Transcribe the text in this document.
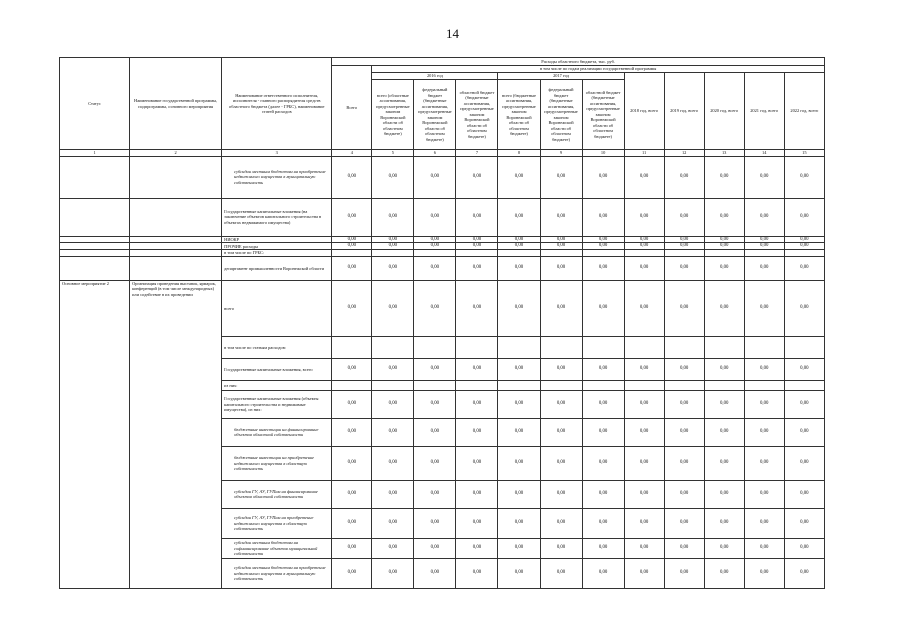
14
Статус	Наименование государственной программы, подпрограммы, основного мероприятия	Наименование ответственного исполнителя, исполнителя - главного распорядителя средств областного бюджета (далее - ГРБС), наименование статей расходов	Расходы областного бюджета, тыс. руб.											
			Всего	в том числе по годам реализации государственной программы										
				2016 год			2017 год			2018 год, всего	2019 год, всего	2020 год, всего	2021 год, всего	2022 год, всего
				всего (областные ассигнования, предусмотренные законом Воронежской области об областном бюджете)	федеральный бюджет (бюджетные ассигнования, предусмотренные законом Воронежской области об областном бюджете)	областной бюджет (бюджетные ассигнования, предусмотренные законом Воронежской области об областном бюджете)	всего (бюджетные ассигнования, предусмотренные законом Воронежской области об областном бюджете)	федеральный бюджет (бюджетные ассигнования, предусмотренные законом Воронежской области об областном бюджете)	областной бюджет (бюджетные ассигнования, предусмотренные законом Воронежской области об областном бюджете)					
1	2	3	4	5	6	7	8	9	10	11	12	13	14	15
		субсидии местным бюджетам на приобретение недвижимого имущества в муниципальную собственность	0,00	0,00	0,00	0,00	0,00	0,00	0,00	0,00	0,00	0,00	0,00	0,00
		Государственные капитальные вложения (на заключение объектов капитального строительства в объектах недвижимого имущества)	0,00	0,00	0,00	0,00	0,00	0,00	0,00	0,00	0,00	0,00	0,00	0,00
		НИОКР	0,00	0,00	0,00	0,00	0,00	0,00	0,00	0,00	0,00	0,00	0,00	0,00
		ПРОЧИЕ расходы	0,00	0,00	0,00	0,00	0,00	0,00	0,00	0,00	0,00	0,00	0,00	0,00
		в том числе по ГРБС:												
		департамент промышленности Воронежской области	0,00	0,00	0,00	0,00	0,00	0,00	0,00	0,00	0,00	0,00	0,00	0,00
Основное мероприятие 2	Организация проведения выставок, ярмарок, конференций (в том числе международных) или содействие в их проведении	всего	0,00	0,00	0,00	0,00	0,00	0,00	0,00	0,00	0,00	0,00	0,00	0,00
		в том числе по статьям расходов:												
		Государственные капитальные вложения, всего	0,00	0,00	0,00	0,00	0,00	0,00	0,00	0,00	0,00	0,00	0,00	0,00
		из них:												
		Государственные капитальные вложения (объекты капитального строительства и недвижимые имущества), из них:	0,00	0,00	0,00	0,00	0,00	0,00	0,00	0,00	0,00	0,00	0,00	0,00
		бюджетные инвестиции на финансирование объектов областной собственности	0,00	0,00	0,00	0,00	0,00	0,00	0,00	0,00	0,00	0,00	0,00	0,00
		бюджетные инвестиции на приобретение недвижимого имущества в областную собственность	0,00	0,00	0,00	0,00	0,00	0,00	0,00	0,00	0,00	0,00	0,00	0,00
		субсидии ГУ, АУ, ГУПам на финансирование объектов областной собственности	0,00	0,00	0,00	0,00	0,00	0,00	0,00	0,00	0,00	0,00	0,00	0,00
		субсидии ГУ, АУ, ГУПам на приобретение недвижимого имущества в областную собственность	0,00	0,00	0,00	0,00	0,00	0,00	0,00	0,00	0,00	0,00	0,00	0,00
		субсидии местным бюджетам на софинансирование объектов муниципальной собственности	0,00	0,00	0,00	0,00	0,00	0,00	0,00	0,00	0,00	0,00	0,00	0,00
		субсидии местным бюджетам на приобретение недвижимого имущества в муниципальную собственность	0,00	0,00	0,00	0,00	0,00	0,00	0,00	0,00	0,00	0,00	0,00	0,00
